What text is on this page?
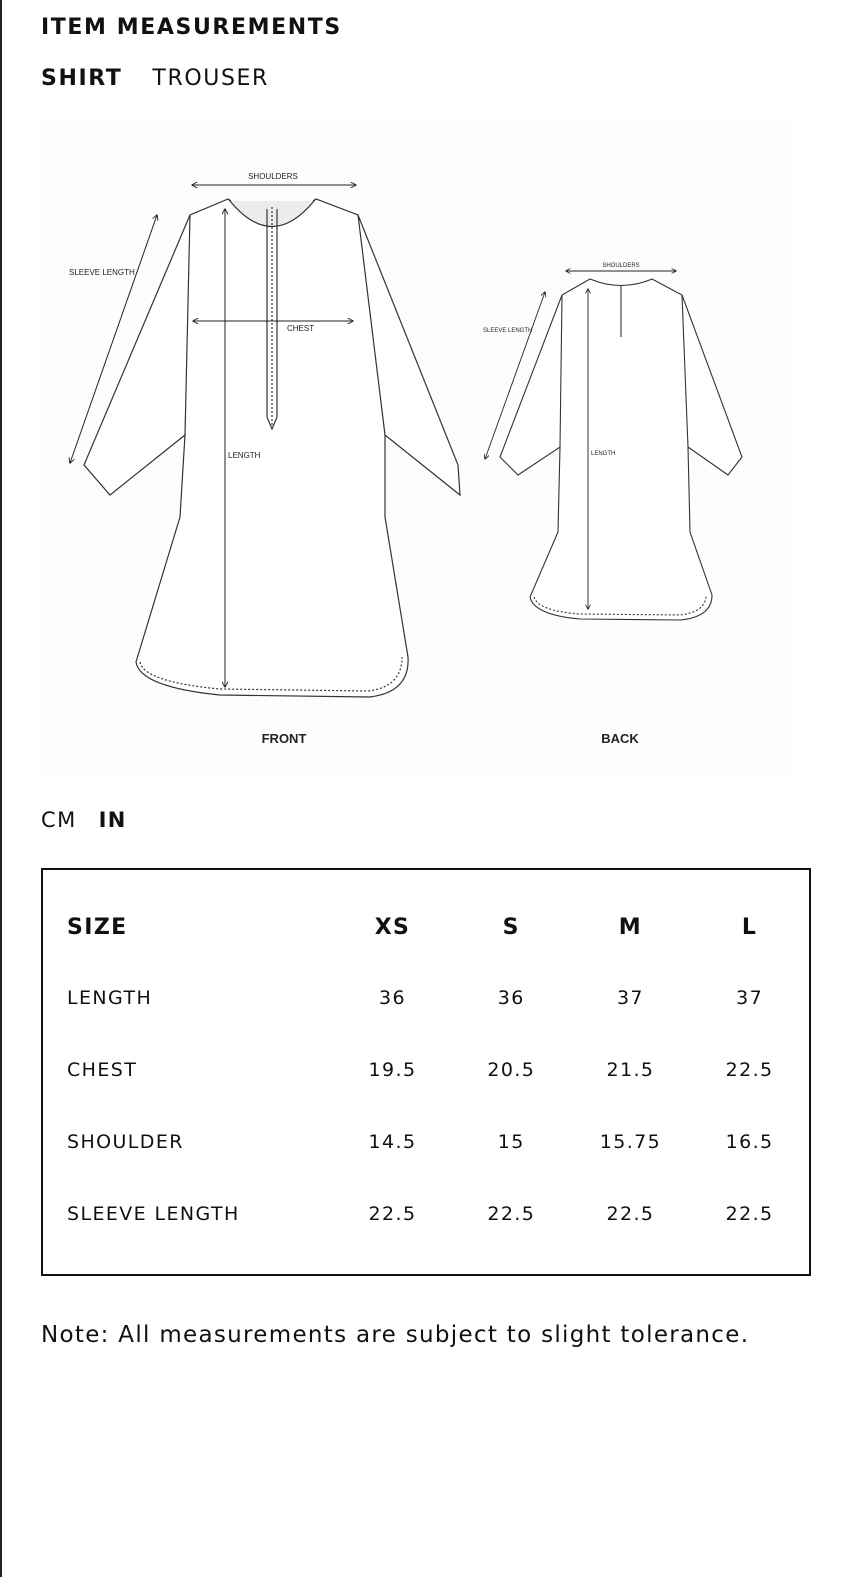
ITEM MEASUREMENTS
SHIRT TROUSER
SHOULDERS
SLEEVE LENGTH
CHEST
LENGTH
FRONT
SHOULDERS
SLEEVE LENGTH
LENGTH
BACK
CM IN
SIZE	XS	S	M	L
LENGTH	36	36	37	37
CHEST	19.5	20.5	21.5	22.5
SHOULDER	14.5	15	15.75	16.5
SLEEVE LENGTH	22.5	22.5	22.5	22.5
Note: All measurements are subject to slight tolerance.
